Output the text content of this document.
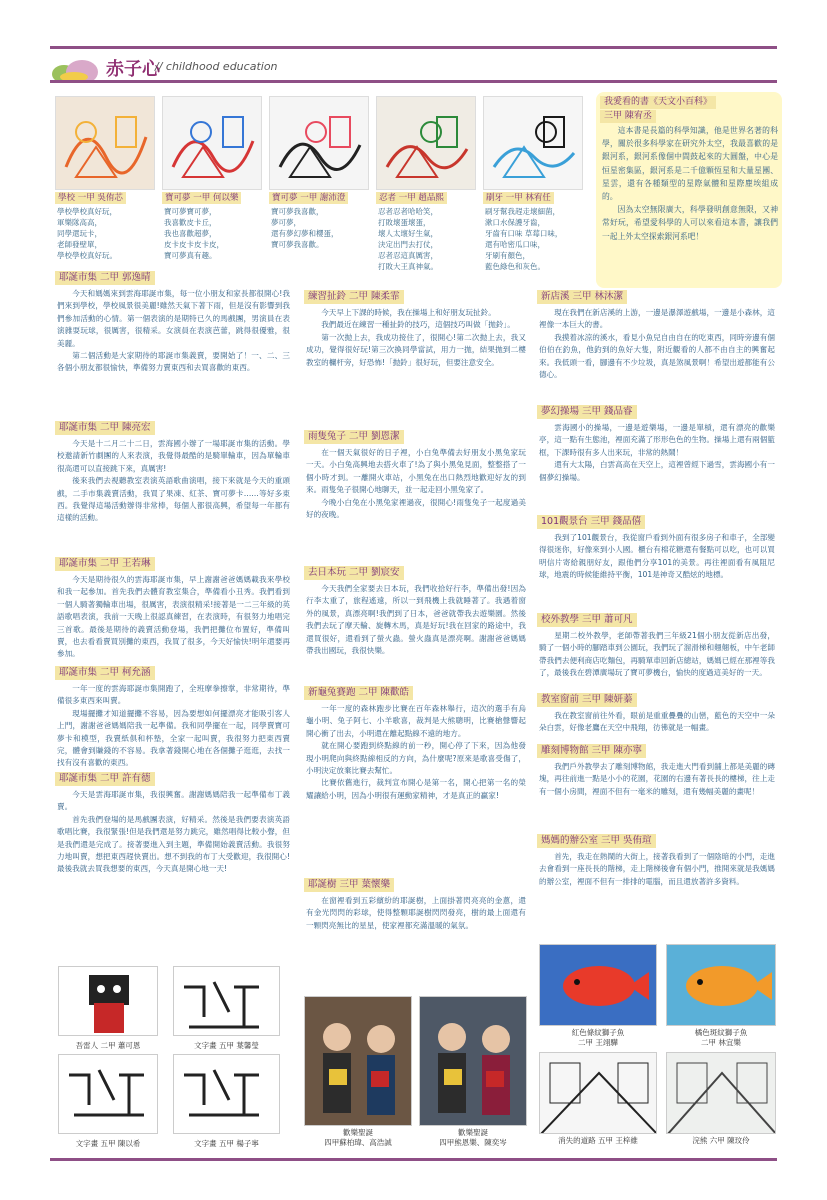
赤子心
// childhood education
我愛看的書《天文小百科》
三甲 陳宥丞

這本書是長篇的科學知識，他是世界名著的科學，關於很多科學家在研究外太空，我最喜歡的是銀河系，銀河系像個中間鼓起來的大圓盤，中心是恒星密集區，銀河系是二千億顆恆星和大量星團、星雲，還有各種類型的星際氣體和星際塵埃組成的。

因為太空無限廣大，科學發明創意無限，又神常好玩，希望愛科學的人可以來看這本書，讓我們一起上外太空探索銀河系吧！

學校 一甲 吳侑芯
學校學校真好玩，
軍樂隊高高，
同學還玩卡，
老師發壁單，
學校學校真好玩。
寶可夢 一甲 何以樂
寶可夢寶可夢，
我喜歡皮卡丘，
我也喜歡超夢，
皮卡皮卡皮卡皮，
寶可夢真有趣。
寶可夢 一甲 謝沛澄
寶可夢我喜歡，
夢可夢，
還有夢幻夢和櫻蛋，
寶可夢我喜歡。
忍者 一甲 趙品熙
忍者忍者哈哈笑，
打敗壞蛋壞蛋，
壞人太壞好生氣，
決定出門去打仗，
忍者忍這真厲害，
打敗大王真神氣。
刷牙 一甲 林宥任
刷牙幫我趕走壞細菌，
漱口水保護牙齒，
牙齒有口味 草莓口味，
還有哈密瓜口味，
牙刷有顏色，
藍色綠色和灰色。
耶誕市集 二甲 郭逸晴

今天和媽媽來到雲海耶誕市集，每一位小朋友和家長都很開心!我們來到學校，學校風景很美麗!雖然天氣下著下雨，但是沒有影響到我們參加活動的心情。第一個表演的是期特已久的馬戲團，男演員在表演雜耍玩球，很厲害，很精采。女演員在表演芭蕾，跳得很優雅，很美麗。

第二個活動是大家期待的耶誕市集義賣，要開始了！一、二、三各個小朋友都很愉快，準備努力賣東西和去買喜歡的東西。

耶誕市集 二甲 陳亮宏

今天是十二月二十二日，雲海國小辦了一場耶誕市集的活動。學校邀請新竹劇團的人來表演，我覺得最酷的是騎單輪車，因為單輪車很高還可以直接跳下來，真厲害!

後來我們去視聽教室表演英語歌曲演唱，接下來就是今天的重頭戲，二手市集義賣活動，我買了果凍、紅茶、寶可夢卡……等好多東西。我覺得這場活動辦得非常棒，每個人都很高興，希望每一年都有這樣的活動。

耶誕市集 二甲 王若琳

今天是期待很久的雲海耶誕市集，早上謝謝爸爸媽媽載我來學校和我一起參加。首先我們去體育教室集合，準備看小丑秀。我們看到一個人騎著獨輪車出場，很厲害，表演很精采!接著是一二三年級的英語歌唱表演，我前一天晚上很認真練習，在表演時，有很努力地唱完三首歌。最後是期待的義賣活動登場，我們把攤位布置好，準備叫賣，也去看看賣買別攤的東西，我買了很多，今天好愉快!明年還要再參加。

耶誕市集 二甲 柯允涵

一年一度的雲海耶誕市集開跑了，全班摩拳擦掌，非常期待，準備很多東西來叫賣。

現場擺攤才知道擺攤不容易，因為要想如何擺漂亮才能吸引客人上門，謝謝爸爸媽媽陪我一起準備。我和同學擺在一起，同學賣寶可夢卡和模型，我賣紙俱和杯墊，全家一起叫賣，我很努力把東西賣完，體會到賺錢的不容易。我拿著錢開心地在各個攤子逛逛，去找一找有沒有喜歡的東西。

耶誕市集 二甲 許有德

今天是雲海耶誕市集，我很興奮。謝謝媽媽陪我一起準備布丁義賣。

首先我們登場的是馬戲團表演，好精采。然後是我們要表演英語歌唱比賽，我很緊張!但是我們還是努力跳完，雖然唱得比較小聲，但是我們還是完成了。接著要進入到主題，準備開始義賣活動。我很努力地叫賣，想把東西趕快賣出。想不到我的布丁大受歡迎，我很開心!最後我就去買我想要的東西，今天真是開心地一天!

練習扯鈴 二甲 陳柔霏

今天早上下課的時候，我在操場上和好朋友玩扯鈴。

我們最近在練習一種扯鈴的技巧，這個技巧叫做「抛鈴」。

第一次抛上去，我成功接住了，很開心!第二次抛上去，我又成功，覺得很好玩!第三次換同學當試，用力一抛，結果抛到二樓教室的欄杆旁，好恐怖!「抛鈴」很好玩，但要注意安全。

雨隻兔子 二甲 劉恩潔

在一個天氣很好的日子裡，小白兔準備去好朋友小黑兔家玩一天。小白兔高興地去搭火車了!為了與小黑兔見面，整整搭了一個小時才到。一離開火車站，小黑兔在出口熱烈地歡迎好友的到來。雨隻兔子很開心地聊天，並一起走回小黑兔家了。

今晚小白兔在小黑兔家裡過夜，很開心!雨隻兔子一起度過美好的夜晚。

去日本玩 二甲 劉宸安

今天我們全家要去日本玩，我們收拾好行李，準備出發!因為行李太重了，旅程遙遠，所以一到飛機上我就睡著了。我遇着窗外的風景，真漂亮啊!我們到了日本，爸爸就帶我去遊樂園。然後我們去玩了摩天輪、旋轉木馬，真是好玩!我在回家的路途中，我還買很好，還看到了螢火蟲。螢火蟲真是漂亮啊。謝謝爸爸媽媽帶我出國玩，我很快樂。

新龜兔賽跑 二甲 陳歡皓

一年一度的森林跑步比賽在百年森林舉行，這次的選手有烏龜小明、兔子阿七、小羊歌喜，裁判是大熊聰明，比賽槍聲響起開心衝了出去，小明還在離起點線不遠的地方。

就在開心要跑到終點線的前一秒，開心停了下來，因為他發現小明爬向與終點線相反的方向，為什麼呢?原來是歌喜受傷了，小明決定放棄比賽去幫忙。

比賽依舊進行，裁判宣布開心是第一名，開心把第一名的榮耀讓給小明，因為小明很有運動家精神，才是真正的贏家!

耶誕樹 三甲 葉懷樂

在窗裡看到五彩繽紛的耶誕樹，上面掛著閃亮亮的金蔥，還有金光閃閃的彩球，使得整顆耶誕樹閃閃發亮，樹的最上面還有一顆閃亮無比的星星，使家裡都充滿溫暖的氣氛。

新店溪 三甲 林沐潔

現在我們在新店溪的上游，一邊是瀑澤遊戲場，一邊是小森林，這裡像一本巨大的書。

我摸着冰涼的溪水，看見小魚兒自由自在的吃東西，同時旁邊有個伯伯在釣魚，他釣到的魚好大隻，附近觀看的人都不由自主的興奮起來。我低頭一看，腳邊有不少垃圾，真是煞風景啊！希望出遊都能有公德心。

夢幻操場 三甲 錢品睿

雲海國小的操場，一邊是遊樂場，一邊是單槓，還有漂亮的歡樂亭，這一點有生態池，裡面充滿了形形色色的生物。操場上還有兩個籃框，下課時很有多人出來玩，非常的熱鬧！

還有大太陽，白雲高高在天空上，這裡曾經下過雪，雲海國小有一個夢幻操場。

101觀景台 三甲 錢品僖

我到了101觀景台，我從窗戶看到外面有很多房子和車子，全部變得很迷你，好像來到小人國。櫃台有棉花糖還有餐點可以吃，也可以買明信片寄給親朋好友，跟他們分享101的美景。再往裡面看有風阻尼球，地震的時候能維持平衡，101是神奇又酷炫的地標。

校外教學 三甲 蕭可凡

星期二校外教學，老師帶著我們三年級21個小朋友從新店出發，騎了一個小時的腳踏車到公園玩，我們玩了溜滑梯和翹翹板，中午老師帶我們去便利商店吃麵包，再騎單車回新店總站，媽媽已經在那裡等我了，最後我在碧潭廣場玩了寶可夢機台，愉快的度過這美好的一天。

教室窗前 三甲 陳妍蓁

我在教室窗前往外看，眼前是重重疊疊的山巒，藍色的天空中一朵朵白雲，好像老鷹在天空中飛翔，彷彿就是一幅畫。

雕刻博物館 三甲 陳亦寧

我們戶外教學去了雕刻博物館，我走進大門看到舖上都是美麗的磚塊，再往前進一點是小小的花園，花園的右邊有著長長的樓梯，往上走有一個小房間，裡面不但有一毫米的雕刻，還有幾幅美麗的畫呢！

媽媽的辦公室 三甲 吳侑瑄

首先，我走在熱鬧的大街上，接著我看到了一個陰暗的小門，走進去會看到一座長長的階梯，走上階梯後會有個小門，推開來就是我媽媽的辦公室，裡面不但有一排排的電腦，而且還放著許多資料。

吾雷人 二甲 蕭可恩	文字畫 五甲 葉馨瑩
文字畫 五甲 陳以希	文字畫 五甲 楊子寧
歡樂聖誕
四甲蘇柏瑋、高浩誠
歡樂聖誕
四甲熊恩樂、陳奕岑
紅色條紋獅子魚
二甲 王翊驊
橘色斑紋獅子魚
二甲 林宜樂
消失的道路 五甲 王梓維	浣熊 六甲 陳玟伶
